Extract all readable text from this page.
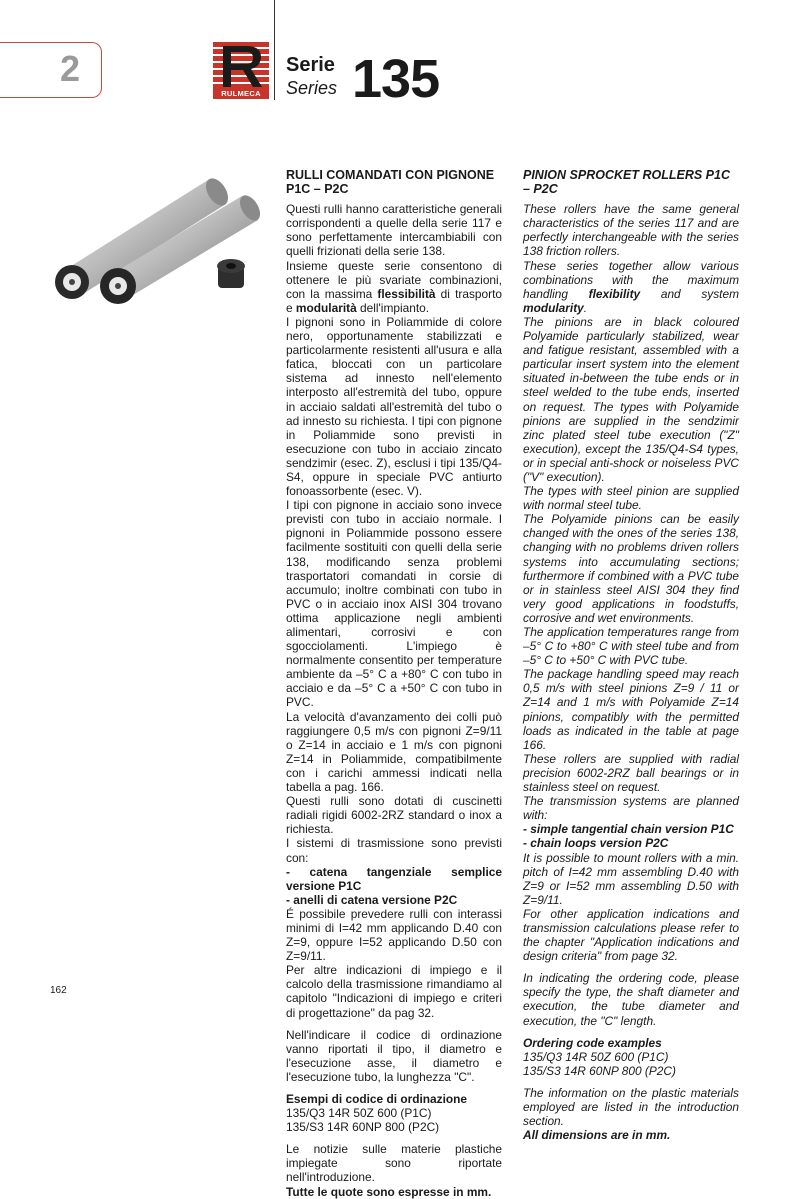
2
RULMECA
Serie
Series 135
RULLI COMANDATI CON PIGNONE P1C – P2C

Questi rulli hanno caratteristiche generali corrispondenti a quelle della serie 117 e sono perfettamente intercambiabili con quelli frizionati della serie 138.

Insieme queste serie consentono di ottenere le più svariate combinazioni, con la massima flessibilità di trasporto e modularità dell'impianto.

I pignoni sono in Poliammide di colore nero, opportunamente stabilizzati e particolarmente resistenti all'usura e alla fatica, bloccati con un particolare sistema ad innesto nell'elemento interposto all'estremità del tubo, oppure in acciaio saldati all'estremità del tubo o ad innesto su richiesta. I tipi con pignone in Poliammide sono previsti in esecuzione con tubo in acciaio zincato sendzimir (esec. Z), esclusi i tipi 135/Q4-S4, oppure in speciale PVC antiurto fonoassorbente (esec. V).

I tipi con pignone in acciaio sono invece previsti con tubo in acciaio normale. I pignoni in Poliammide possono essere facilmente sostituiti con quelli della serie 138, modificando senza problemi trasportatori comandati in corsie di accumulo; inoltre combinati con tubo in PVC o in acciaio inox AISI 304 trovano ottima applicazione negli ambienti alimentari, corrosivi e con sgocciolamenti. L'impiego è normalmente consentito per temperature ambiente da –5° C a +80° C con tubo in acciaio e da –5° C a +50° C con tubo in PVC.

La velocità d'avanzamento dei colli può raggiungere 0,5 m/s con pignoni Z=9/11 o Z=14 in acciaio e 1 m/s con pignoni Z=14 in Poliammide, compatibilmente con i carichi ammessi indicati nella tabella a pag. 166.

Questi rulli sono dotati di cuscinetti radiali rigidi 6002-2RZ standard o inox a richiesta.

I sistemi di trasmissione sono previsti con:

- catena tangenziale semplice versione P1C

- anelli di catena versione P2C

É possibile prevedere rulli con interassi minimi di I=42 mm applicando D.40 con Z=9, oppure I=52 applicando D.50 con Z=9/11.

Per altre indicazioni di impiego e il calcolo della trasmissione rimandiamo al capitolo "Indicazioni di impiego e criteri di progettazione" da pag 32.

Nell'indicare il codice di ordinazione vanno riportati il tipo, il diametro e l'esecuzione asse, il diametro e l'esecuzione tubo, la lunghezza "C".

Esempi di codice di ordinazione

135/Q3 14R 50Z 600 (P1C)

135/S3 14R 60NP 800 (P2C)

Le notizie sulle materie plastiche impiegate sono riportate nell'introduzione.

Tutte le quote sono espresse in mm.

PINION SPROCKET ROLLERS P1C – P2C

These rollers have the same general characteristics of the series 117 and are perfectly interchangeable with the series 138 friction rollers.

These series together allow various combinations with the maximum handling flexibility and system modularity.

The pinions are in black coloured Polyamide particularly stabilized, wear and fatigue resistant, assembled with a particular insert system into the element situated in-between the tube ends or in steel welded to the tube ends, inserted on request. The types with Polyamide pinions are supplied in the sendzimir zinc plated steel tube execution ("Z" execution), except the 135/Q4-S4 types, or in special anti-shock or noiseless PVC ("V" execution).

The types with steel pinion are supplied with normal steel tube.

The Polyamide pinions can be easily changed with the ones of the series 138, changing with no problems driven rollers systems into accumulating sections; furthermore if combined with a PVC tube or in stainless steel AISI 304 they find very good applications in foodstuffs, corrosive and wet environments.

The application temperatures range from –5° C to +80° C with steel tube and from –5° C to +50° C with PVC tube.

The package handling speed may reach 0,5 m/s with steel pinions Z=9 / 11 or Z=14 and 1 m/s with Polyamide Z=14 pinions, compatibly with the permitted loads as indicated in the table at page 166.

These rollers are supplied with radial precision 6002-2RZ ball bearings or in stainless steel on request.

The transmission systems are planned with:

- simple tangential chain version P1C

- chain loops version P2C

It is possible to mount rollers with a min. pitch of I=42 mm assembling D.40 with Z=9 or I=52 mm assembling D.50 with Z=9/11.

For other application indications and transmission calculations please refer to the chapter "Application indications and design criteria" from page 32.

In indicating the ordering code, please specify the type, the shaft diameter and execution, the tube diameter and execution, the "C" length.

Ordering code examples

135/Q3 14R 50Z 600 (P1C)

135/S3 14R 60NP 800 (P2C)

The information on the plastic materials employed are listed in the introduction section.

All dimensions are in mm.

162
